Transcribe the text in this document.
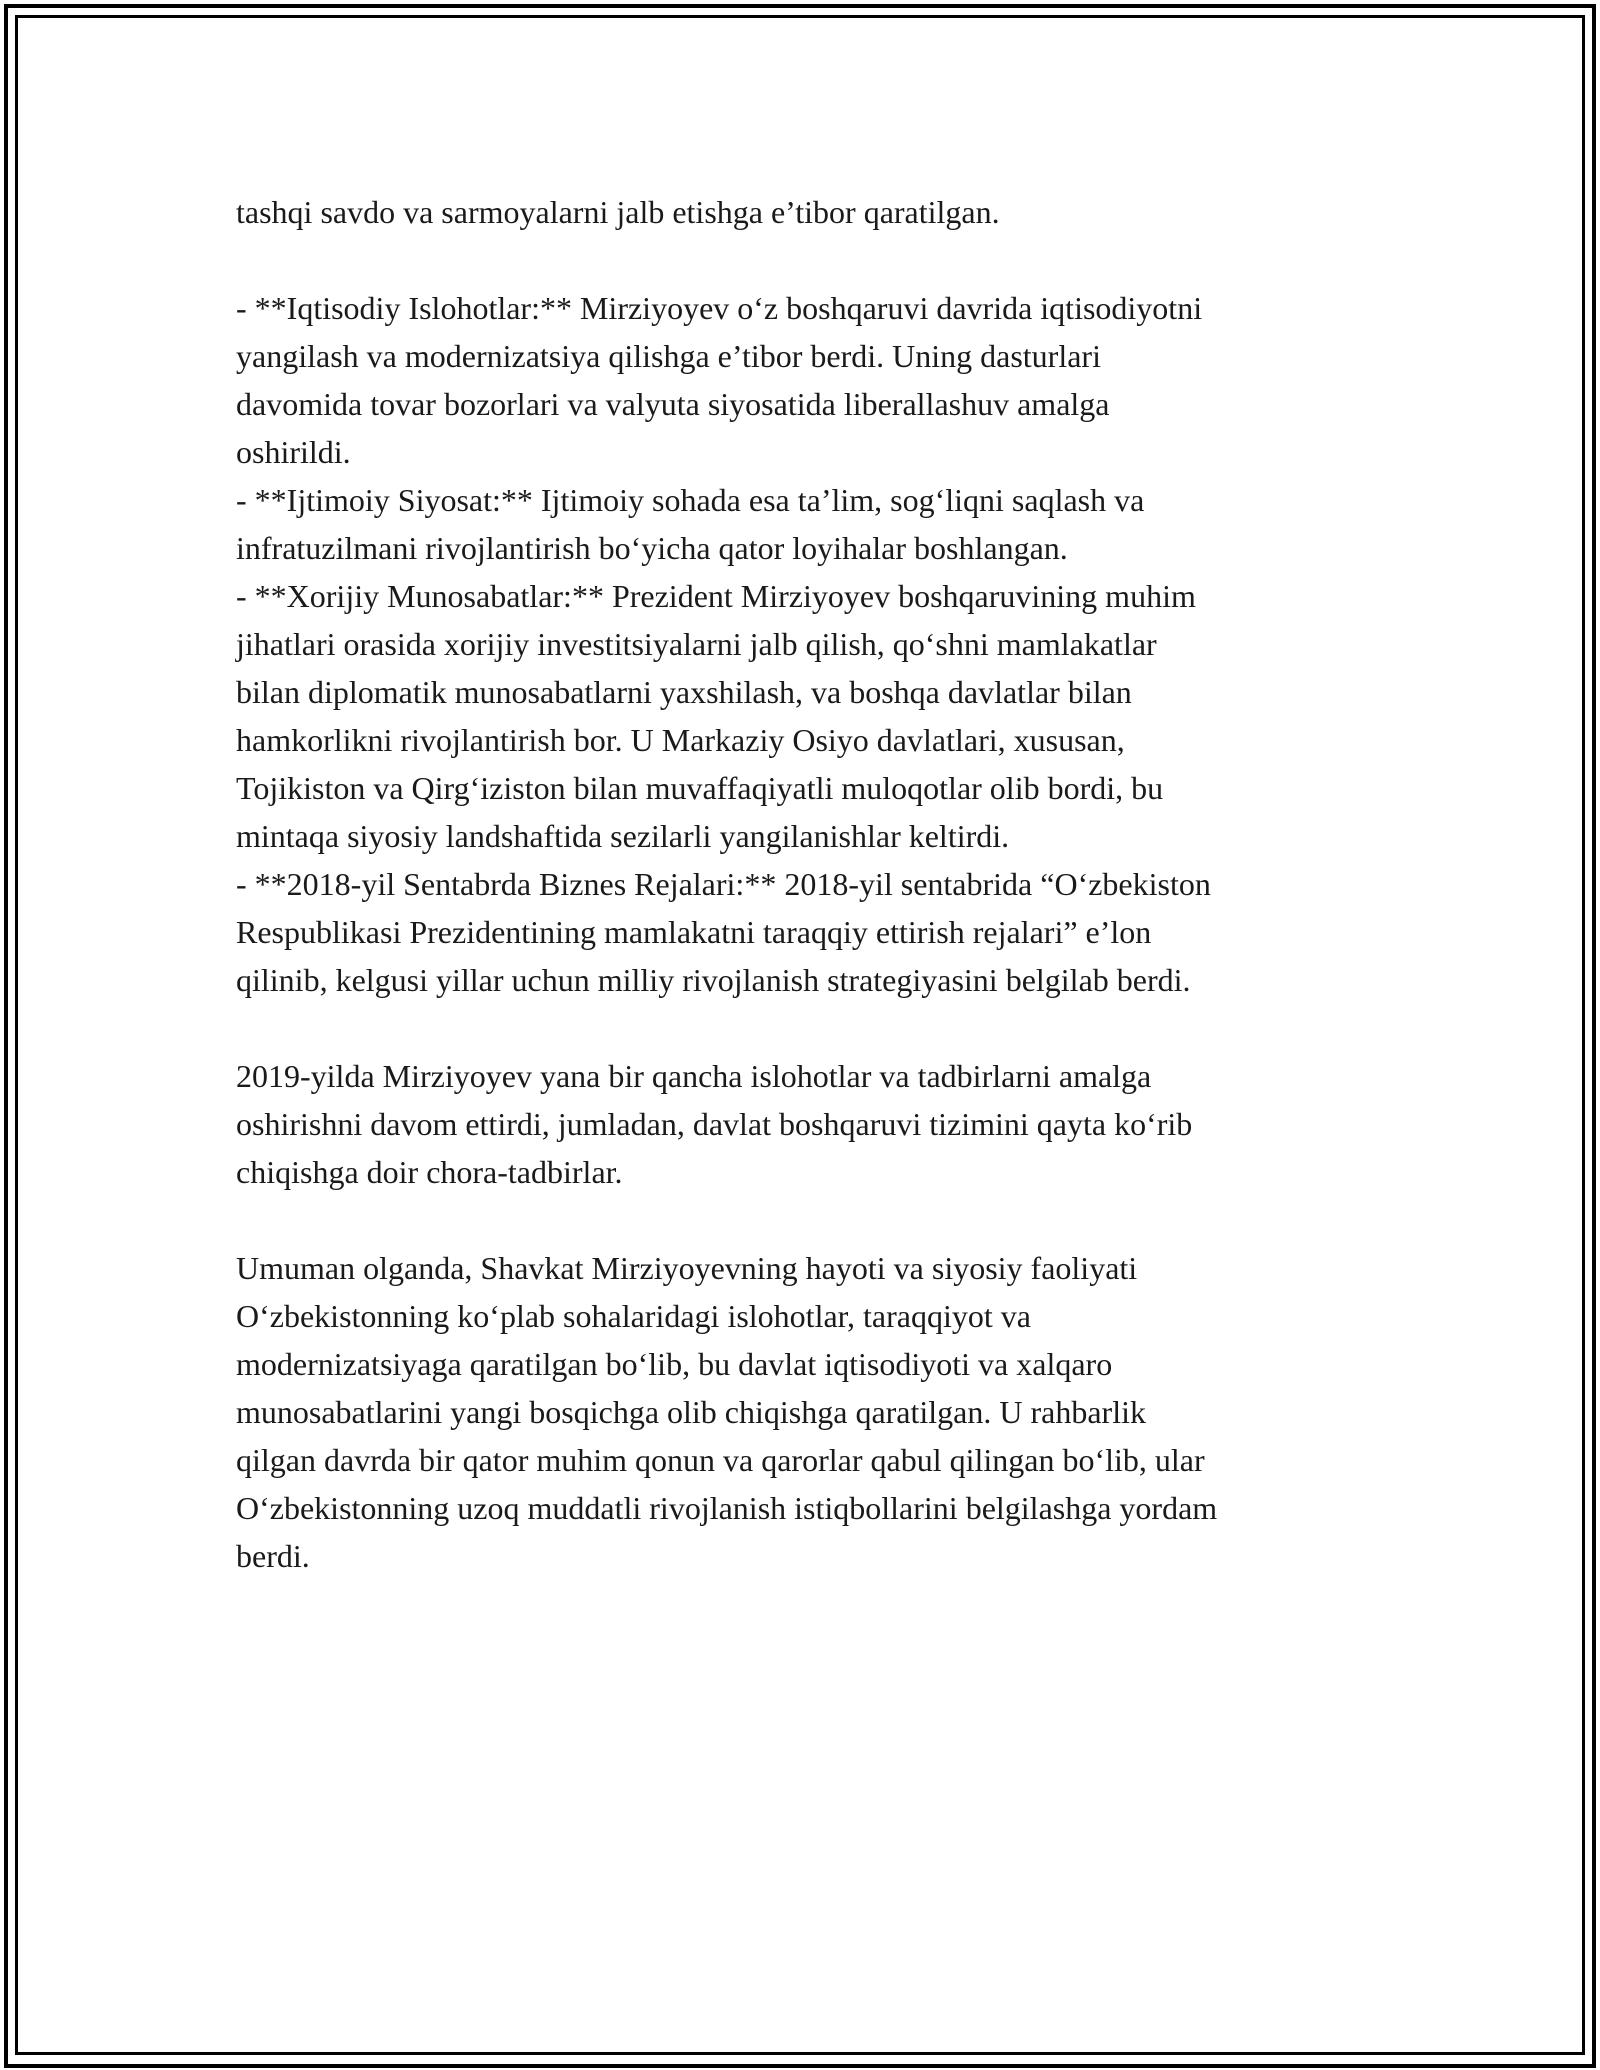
tashqi savdo va sarmoyalarni jalb etishga e’tibor qaratilgan.
- **Iqtisodiy Islohotlar:** Mirziyoyev o‘z boshqaruvi davrida iqtisodiyotni
yangilash va modernizatsiya qilishga e’tibor berdi. Uning dasturlari
davomida tovar bozorlari va valyuta siyosatida liberallashuv amalga
oshirildi.
- **Ijtimoiy Siyosat:** Ijtimoiy sohada esa ta’lim, sog‘liqni saqlash va
infratuzilmani rivojlantirish bo‘yicha qator loyihalar boshlangan.
- **Xorijiy Munosabatlar:** Prezident Mirziyoyev boshqaruvining muhim
jihatlari orasida xorijiy investitsiyalarni jalb qilish, qo‘shni mamlakatlar
bilan diplomatik munosabatlarni yaxshilash, va boshqa davlatlar bilan
hamkorlikni rivojlantirish bor. U Markaziy Osiyo davlatlari, xususan,
Tojikiston va Qirg‘iziston bilan muvaffaqiyatli muloqotlar olib bordi, bu
mintaqa siyosiy landshaftida sezilarli yangilanishlar keltirdi.
- **2018-yil Sentabrda Biznes Rejalari:** 2018-yil sentabrida “O‘zbekiston
Respublikasi Prezidentining mamlakatni taraqqiy ettirish rejalari” e’lon
qilinib, kelgusi yillar uchun milliy rivojlanish strategiyasini belgilab berdi.
2019-yilda Mirziyoyev yana bir qancha islohotlar va tadbirlarni amalga
oshirishni davom ettirdi, jumladan, davlat boshqaruvi tizimini qayta ko‘rib
chiqishga doir chora-tadbirlar.
Umuman olganda, Shavkat Mirziyoyevning hayoti va siyosiy faoliyati
O‘zbekistonning ko‘plab sohalaridagi islohotlar, taraqqiyot va
modernizatsiyaga qaratilgan bo‘lib, bu davlat iqtisodiyoti va xalqaro
munosabatlarini yangi bosqichga olib chiqishga qaratilgan. U rahbarlik
qilgan davrda bir qator muhim qonun va qarorlar qabul qilingan bo‘lib, ular
O‘zbekistonning uzoq muddatli rivojlanish istiqbollarini belgilashga yordam
berdi.
